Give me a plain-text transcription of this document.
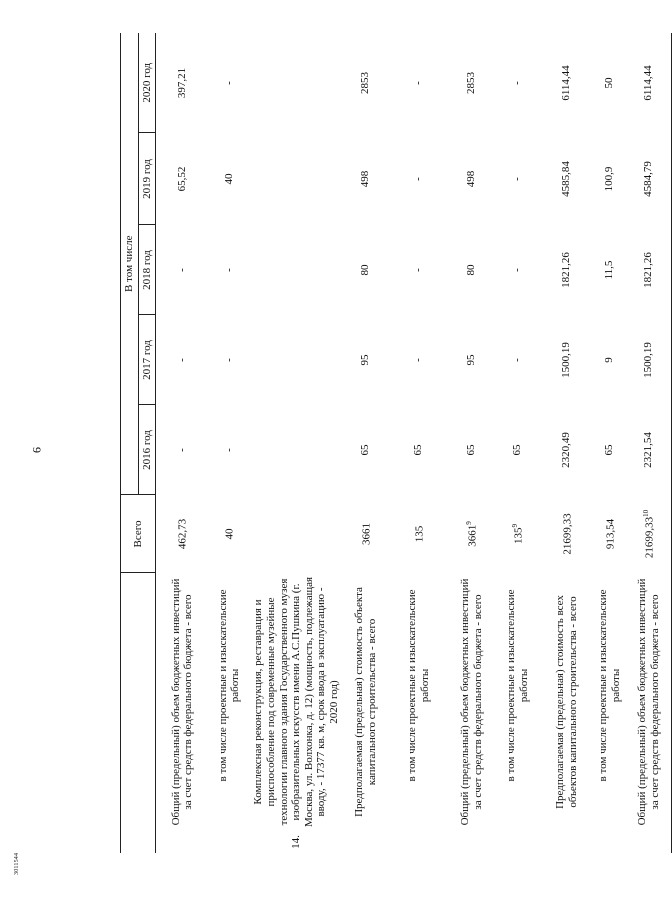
9
3011544
		Всего	В том числе				
			2016 год	2017 год	2018 год	2019 год	2020 год
	Общий (предельный) объем бюджетных инвестиций за счет средств федерального бюджета - всего	462,73	-	-	-	65,52	397,21
	в том числе проектные и изыскательские работы	40	-	-	-	40	-
14.	Комплексная реконструкция, реставрация и приспособление под современные музейные технологии главного здания Государственного музея изобразительных искусств имени А.С.Пушкина (г. Москва, ул. Волхонка, д. 12) (мощность, подлежащая вводу, - 17377 кв. м, срок ввода в эксплуатацию - 2020 год)						
	Предполагаемая (предельная) стоимость объекта капитального строительства - всего	3661	65	95	80	498	2853
	в том числе проектные и изыскательские работы	135	65	-	-	-	-
	Общий (предельный) объем бюджетных инвестиций за счет средств федерального бюджета - всего	3661$^9$	65	95	80	498	2853
	в том числе проектные и изыскательские работы	$135^9$	65	-	-	-	-
	Предполагаемая (предельная) стоимость всех объектов капитального строительства - всего	21699,33	2320,49	1500,19	1821,26	4585,84	6114,44
	в том числе проектные и изыскательские работы	913,54	65	9	11,5	100,9	50
	Общий (предельный) объем бюджетных инвестиций за счет средств федерального бюджета - всего	21699,33$^{10}$	2321,54	1500,19	1821,26	4584,79	6114,44
